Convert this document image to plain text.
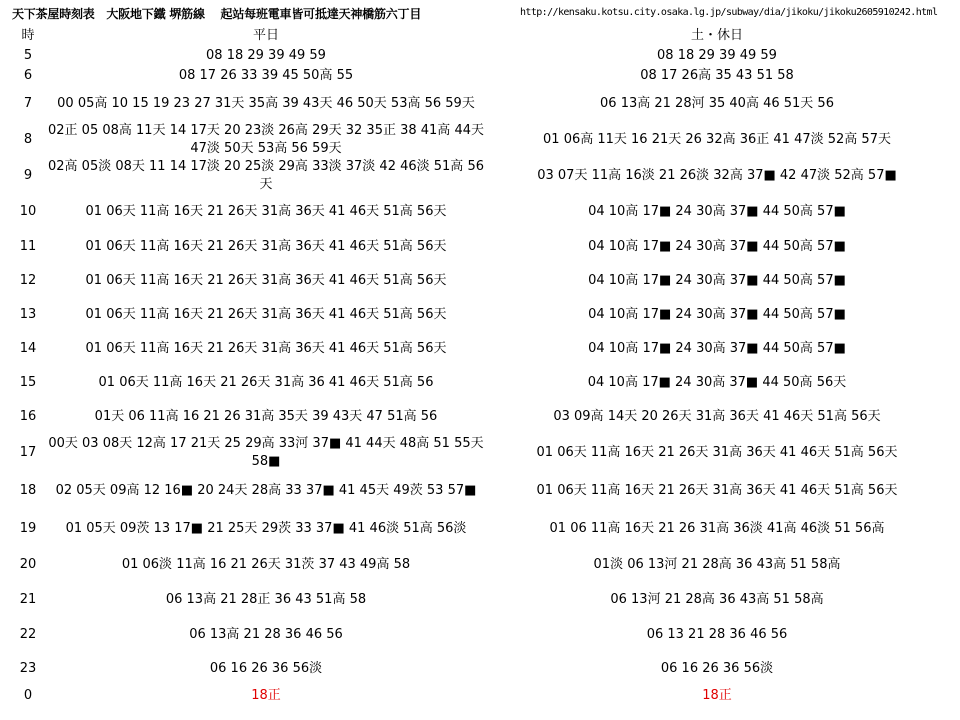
天下茶屋時刻表　大阪地下鐵 堺筋線　 起站每班電車皆可抵達天神橋筋六丁目	http://kensaku.kotsu.city.osaka.lg.jp/subway/dia/jikoku/jikoku2605910242.html
時	平日	土・休日
5	08 18 29 39 49 59	08 18 29 39 49 59
6	08 17 26 33 39 45 50高 55	08 17 26高 35 43 51 58
7	00 05高 10 15 19 23 27 31天 35高 39 43天 46 50天 53高 56 59天	06 13高 21 28河 35 40高 46 51天 56
8	02正 05 08高 11天 14 17天 20 23淡 26高 29天 32 35正 38 41高 44天 47淡 50天 53高 56 59天	01 06高 11天 16 21天 26 32高 36正 41 47淡 52高 57天
9	02高 05淡 08天 11 14 17淡 20 25淡 29高 33淡 37淡 42 46淡 51高 56天	03 07天 11高 16淡 21 26淡 32高 37■ 42 47淡 52高 57■
10	01 06天 11高 16天 21 26天 31高 36天 41 46天 51高 56天	04 10高 17■ 24 30高 37■ 44 50高 57■
11	01 06天 11高 16天 21 26天 31高 36天 41 46天 51高 56天	04 10高 17■ 24 30高 37■ 44 50高 57■
12	01 06天 11高 16天 21 26天 31高 36天 41 46天 51高 56天	04 10高 17■ 24 30高 37■ 44 50高 57■
13	01 06天 11高 16天 21 26天 31高 36天 41 46天 51高 56天	04 10高 17■ 24 30高 37■ 44 50高 57■
14	01 06天 11高 16天 21 26天 31高 36天 41 46天 51高 56天	04 10高 17■ 24 30高 37■ 44 50高 57■
15	01 06天 11高 16天 21 26天 31高 36 41 46天 51高 56	04 10高 17■ 24 30高 37■ 44 50高 56天
16	01天 06 11高 16 21 26 31高 35天 39 43天 47 51高 56	03 09高 14天 20 26天 31高 36天 41 46天 51高 56天
17	00天 03 08天 12高 17 21天 25 29高 33河 37■ 41 44天 48高 51 55天 58■	01 06天 11高 16天 21 26天 31高 36天 41 46天 51高 56天
18	02 05天 09高 12 16■ 20 24天 28高 33 37■ 41 45天 49茨 53 57■	01 06天 11高 16天 21 26天 31高 36天 41 46天 51高 56天
19	01 05天 09茨 13 17■ 21 25天 29茨 33 37■ 41 46淡 51高 56淡	01 06 11高 16天 21 26 31高 36淡 41高 46淡 51 56高
20	01 06淡 11高 16 21 26天 31茨 37 43 49高 58	01淡 06 13河 21 28高 36 43高 51 58高
21	06 13高 21 28正 36 43 51高 58	06 13河 21 28高 36 43高 51 58高
22	06 13高 21 28 36 46 56	06 13 21 28 36 46 56
23	06 16 26 36 56淡	06 16 26 36 56淡
0	18正	18正
